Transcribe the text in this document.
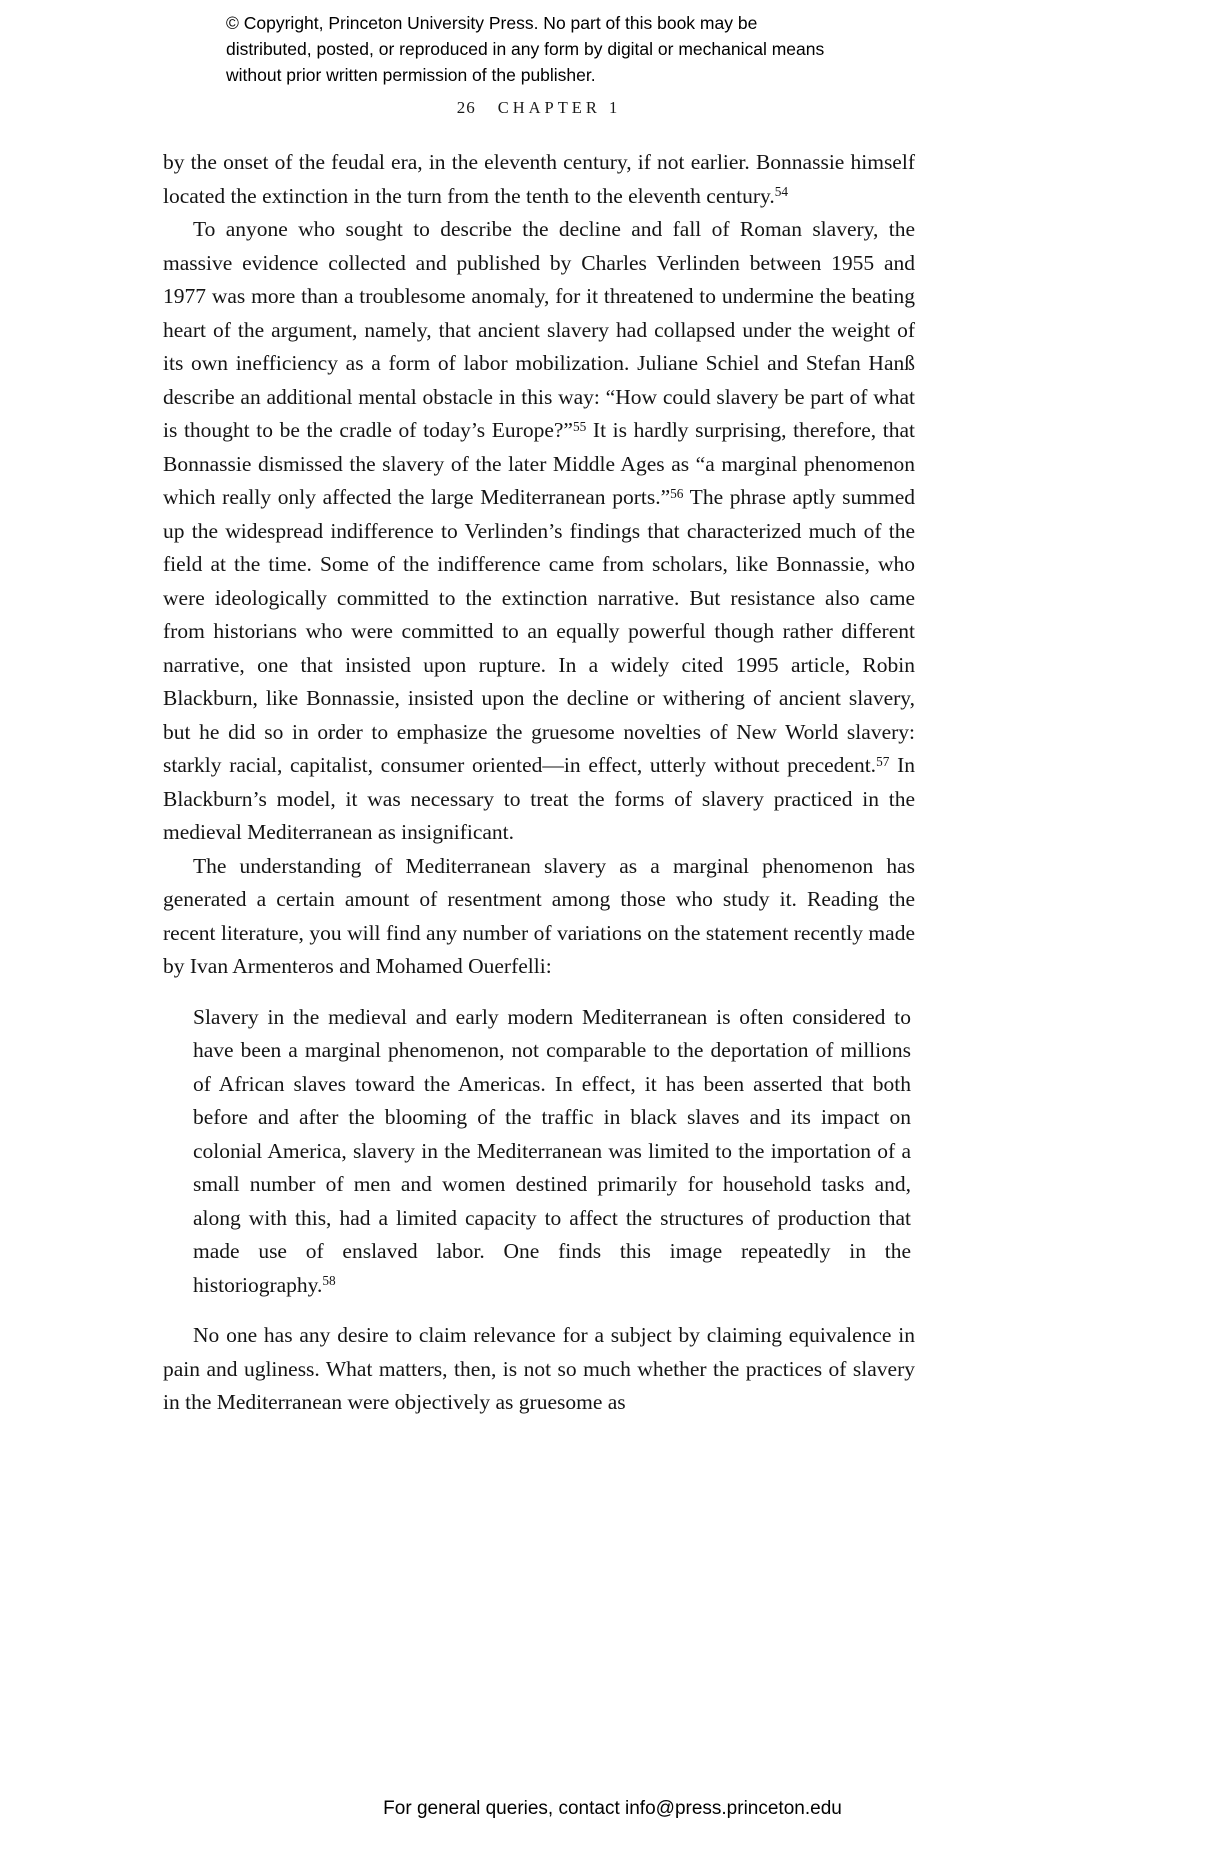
© Copyright, Princeton University Press. No part of this book may be distributed, posted, or reproduced in any form by digital or mechanical means without prior written permission of the publisher.
26 CHAPTER 1

by the onset of the feudal era, in the eleventh century, if not earlier. Bonnassie himself located the extinction in the turn from the tenth to the eleventh century.$^{54}$

To anyone who sought to describe the decline and fall of Roman slavery, the massive evidence collected and published by Charles Verlinden between 1955 and 1977 was more than a troublesome anomaly, for it threatened to undermine the beating heart of the argument, namely, that ancient slavery had collapsed under the weight of its own inefficiency as a form of labor mobilization. Juliane Schiel and Stefan Hanß describe an additional mental obstacle in this way: “How could slavery be part of what is thought to be the cradle of today’s Europe?”$^{55}$ It is hardly surprising, therefore, that Bonnassie dismissed the slavery of the later Middle Ages as “a marginal phenomenon which really only affected the large Mediterranean ports.”$^{56}$ The phrase aptly summed up the widespread indifference to Verlinden’s findings that characterized much of the field at the time. Some of the indifference came from scholars, like Bonnassie, who were ideologically committed to the extinction narrative. But resistance also came from historians who were committed to an equally powerful though rather different narrative, one that insisted upon rupture. In a widely cited 1995 article, Robin Blackburn, like Bonnassie, insisted upon the decline or withering of ancient slavery, but he did so in order to emphasize the gruesome novelties of New World slavery: starkly racial, capitalist, consumer oriented—in effect, utterly without precedent.$^{57}$ In Blackburn’s model, it was necessary to treat the forms of slavery practiced in the medieval Mediterranean as insignificant.

The understanding of Mediterranean slavery as a marginal phenomenon has generated a certain amount of resentment among those who study it. Reading the recent literature, you will find any number of variations on the statement recently made by Ivan Armenteros and Mohamed Ouerfelli:

Slavery in the medieval and early modern Mediterranean is often considered to have been a marginal phenomenon, not comparable to the deportation of millions of African slaves toward the Americas. In effect, it has been asserted that both before and after the blooming of the traffic in black slaves and its impact on colonial America, slavery in the Mediterranean was limited to the importation of a small number of men and women destined primarily for household tasks and, along with this, had a limited capacity to affect the structures of production that made use of enslaved labor. One finds this image repeatedly in the historiography.$^{58}$

No one has any desire to claim relevance for a subject by claiming equivalence in pain and ugliness. What matters, then, is not so much whether the practices of slavery in the Mediterranean were objectively as gruesome as

For general queries, contact info@press.princeton.edu
